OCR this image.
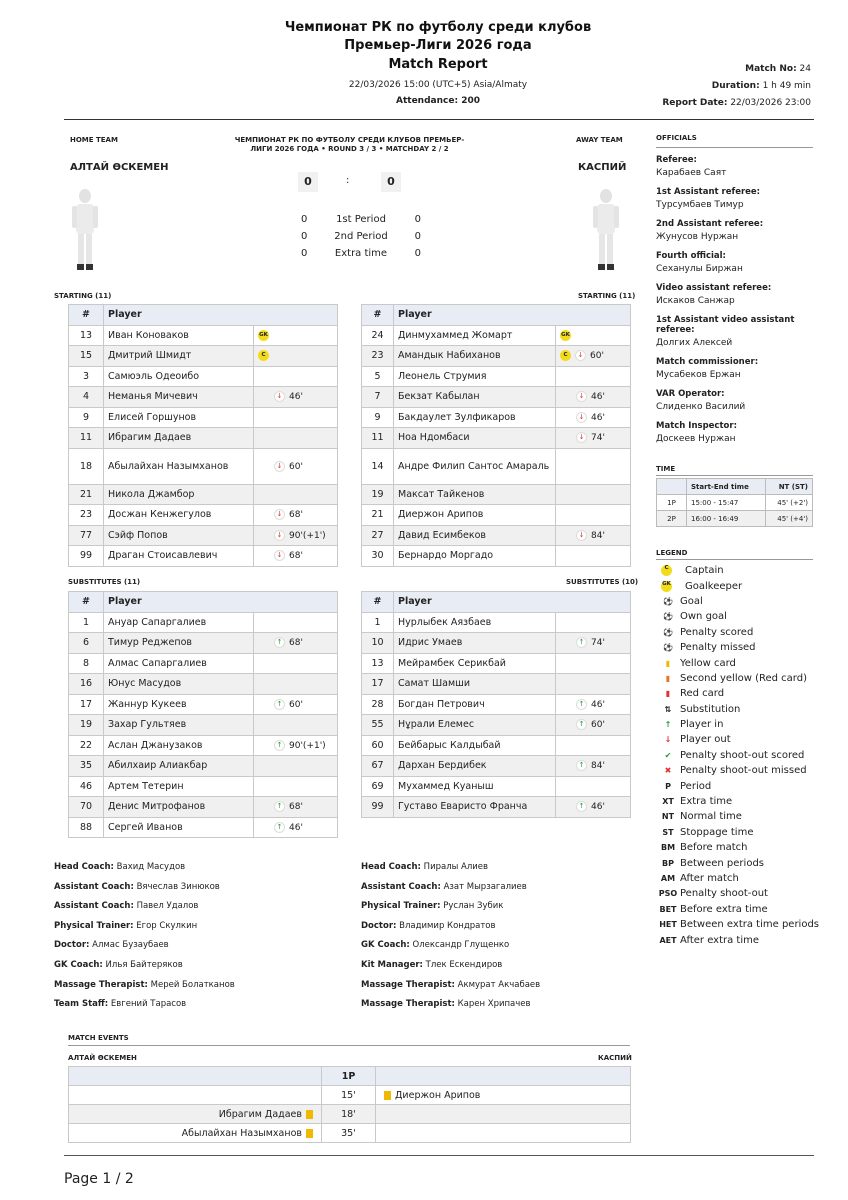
Чемпионат РК по футболу среди клубов
Премьер-Лиги 2026 года
Match Report
22/03/2026 15:00 (UTC+5) Asia/Almaty
Attendance: 200
Match No: 24
Duration: 1 h 49 min
Report Date: 22/03/2026 23:00
HOME TEAM	AWAY TEAM
ЧЕМПИОНАТ РК ПО ФУТБОЛУ СРЕДИ КЛУБОВ ПРЕМЬЕР-
ЛИГИ 2026 ГОДА • ROUND 3 / 3 • MATCHDAY 2 / 2
АЛТАЙ ӨСКЕМЕН	КАСПИЙ
0	:	0
0	1st Period	0
0	2nd Period	0
0	Extra time	0
STARTING (11)	STARTING (11)
#	Player	
13	Иван Коноваков	GK
15	Дмитрий Шмидт	C
3	Самюэль Одеоибо	
4	Неманья Мичевич	↓ 46'
9	Елисей Горшунов	
11	Ибрагим Дадаев	
18	Абылайхан Назымханов	↓ 60'
21	Никола Джамбор	
23	Досжан Кенжегулов	↓ 68'
77	Сэйф Попов	↓ 90'(+1')
99	Драган Стоисавлевич	↓ 68'
#	Player	
24	Динмухаммед Жомарт	GK
23	Амандык Набиханов	C ↓ 60'
5	Леонель Струмия	
7	Бекзат Кабылан	↓ 46'
9	Бакдаулет Зулфикаров	↓ 46'
11	Ноа Ндомбаси	↓ 74'
14	Андре Филип Сантос Амараль	
19	Максат Тайкенов	
21	Диержон Арипов	
27	Давид Есимбеков	↓ 84'
30	Бернардо Моргадо	
SUBSTITUTES (11)	SUBSTITUTES (10)
#	Player	
1	Ануар Сапаргалиев	
6	Тимур Реджепов	↑ 68'
8	Алмас Сапаргалиев	
16	Юнус Масудов	
17	Жаннур Кукеев	↑ 60'
19	Захар Гультяев	
22	Аслан Джанузаков	↑ 90'(+1')
35	Абилхаир Алиакбар	
46	Артем Тетерин	
70	Денис Митрофанов	↑ 68'
88	Сергей Иванов	↑ 46'
#	Player	
1	Нурлыбек Аязбаев	
10	Идрис Умаев	↑ 74'
13	Мейрамбек Серикбай	
17	Самат Шамши	
28	Богдан Петрович	↑ 46'
55	Нұрали Елемес	↑ 60'
60	Бейбарыс Калдыбай	
67	Дархан Бердибек	↑ 84'
69	Мухаммед Куаныш	
99	Густаво Еваристо Франча	↑ 46'
Head Coach: Вахид Масудов
Assistant Coach: Вячеслав Зинюков
Assistant Coach: Павел Удалов
Physical Trainer: Егор Скулкин
Doctor: Алмас Бузаубаев
GK Coach: Илья Байтеряков
Massage Therapist: Мерей Болатканов
Team Staff: Евгений Тарасов
Head Coach: Пиралы Алиев
Assistant Coach: Азат Мырзагалиев
Physical Trainer: Руслан Зубик
Doctor: Владимир Кондратов
GK Coach: Олександр Глущенко
Kit Manager: Тлек Ескендиров
Massage Therapist: Акмурат Акчабаев
Massage Therapist: Карен Хрипачев
OFFICIALS
Referee:
Карабаев Саят
1st Assistant referee:
Турсумбаев Тимур
2nd Assistant referee:
Жунусов Нуржан
Fourth official:
Сеханулы Биржан
Video assistant referee:
Искаков Санжар
1st Assistant video assistant referee:
Долгих Алексей
Match commissioner:
Мусабеков Ержан
VAR Operator:
Слиденко Василий
Match Inspector:
Доскеев Нуржан
TIME
	Start-End time	NT (ST)
1P	15:00 - 15:47	45' (+2')
2P	16:00 - 16:49	45' (+4')
LEGEND
C	Captain
GK Goalkeeper
⚽ Goal
⚽ Own goal
⚽ Penalty scored
⚽ Penalty missed
▮ Yellow card
▮ Second yellow (Red card)
▮ Red card
⇅ Substitution
↑ Player in
↓ Player out
✔ Penalty shoot-out scored
✖ Penalty shoot-out missed
P Period
XT Extra time
NT Normal time
ST Stoppage time
BM Before match
BP Between periods
AM After match
PSO Penalty shoot-out
BET Before extra time
HET Between extra time periods
AET After extra time
MATCH EVENTS
АЛТАЙ ӨСКЕМЕН	КАСПИЙ
	1P	
	15'	Диержон Арипов
Ибрагим Дадаев	18'	
Абылайхан Назымханов	35'	
Page 1 / 2
